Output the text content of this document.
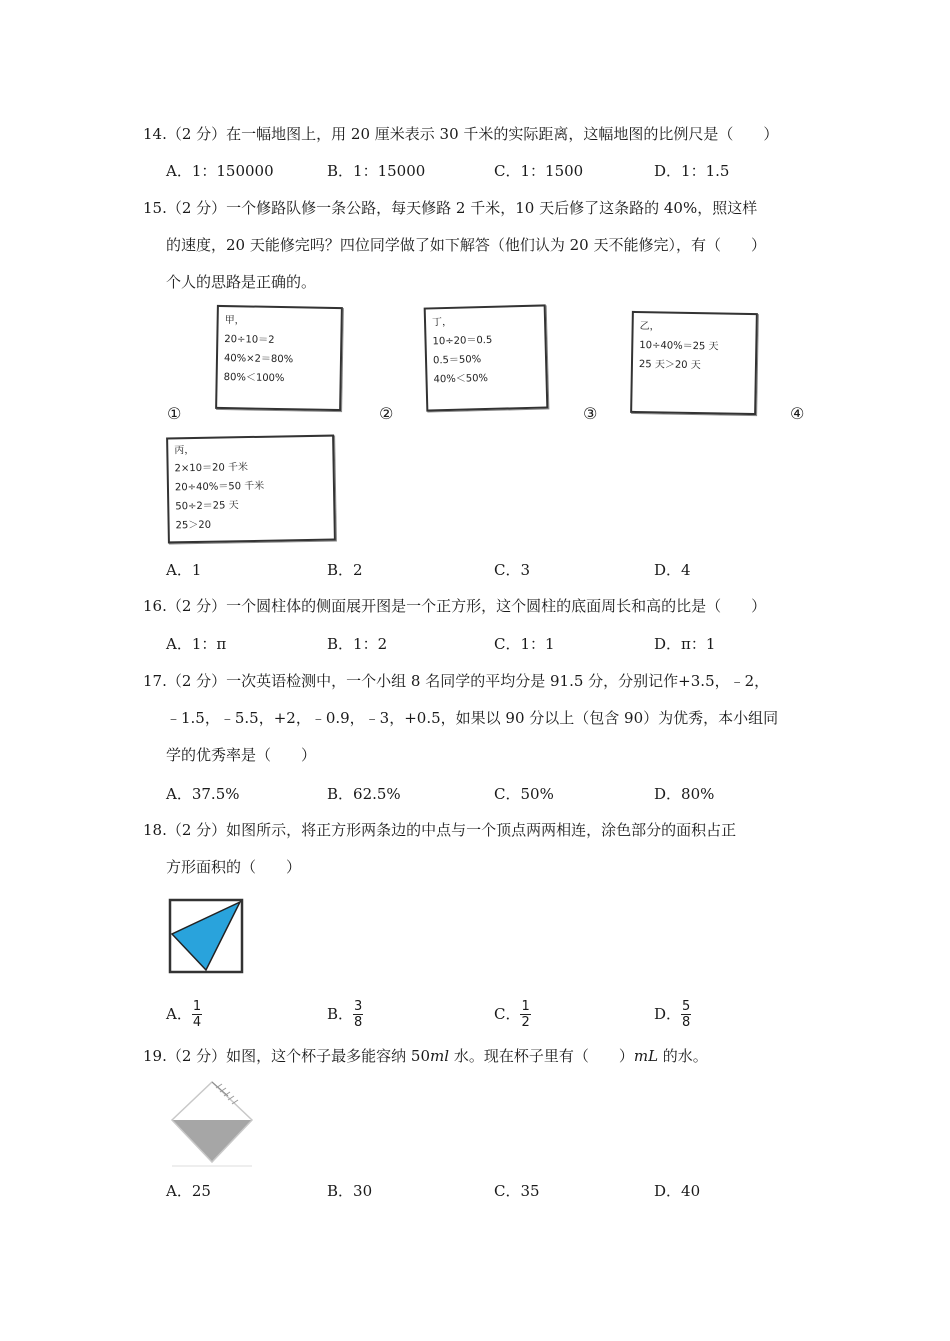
14.（2 分）在一幅地图上，用 20 厘米表示 30 千米的实际距离，这幅地图的比例尺是（　　）
A．1：150000	B．1：15000	C．1：1500	D．1：1.5
15.（2 分）一个修路队修一条公路，每天修路 2 千米，10 天后修了这条路的 40%，照这样
的速度，20 天能修完吗？四位同学做了如下解答（他们认为 20 天不能修完），有（　　）
个人的思路是正确的。
甲，
20÷10＝2
40%×2＝80%
80%＜100%
丁，
10÷20＝0.5
0.5＝50%
40%＜50%
乙，
10÷40%＝25 天
25 天＞20 天
①	②	③	④
丙，
2×10＝20 千米
20÷40%＝50 千米
50÷2＝25 天
25＞20
A．1	B．2	C．3	D．4
16.（2 分）一个圆柱体的侧面展开图是一个正方形，这个圆柱的底面周长和高的比是（　　）
A．1：π	B．1：2	C．1：1	D．π：1
17.（2 分）一次英语检测中，一个小组 8 名同学的平均分是 91.5 分，分别记作+3.5，﹣2，
﹣1.5，﹣5.5，+2，﹣0.9，﹣3，+0.5，如果以 90 分以上（包含 90）为优秀，本小组同
学的优秀率是（　　）
A．37.5%	B．62.5%	C．50%	D．80%
18.（2 分）如图所示，将正方形两条边的中点与一个顶点两两相连，涂色部分的面积占正
方形面积的（　　）
A． $\frac{1}{4}$	B． $\frac{3}{8}$	C． $\frac{1}{2}$	D． $\frac{5}{8}$
19.（2 分）如图，这个杯子最多能容纳 50ml 水。现在杯子里有（　　）mL 的水。
A．25	B．30	C．35	D．40
